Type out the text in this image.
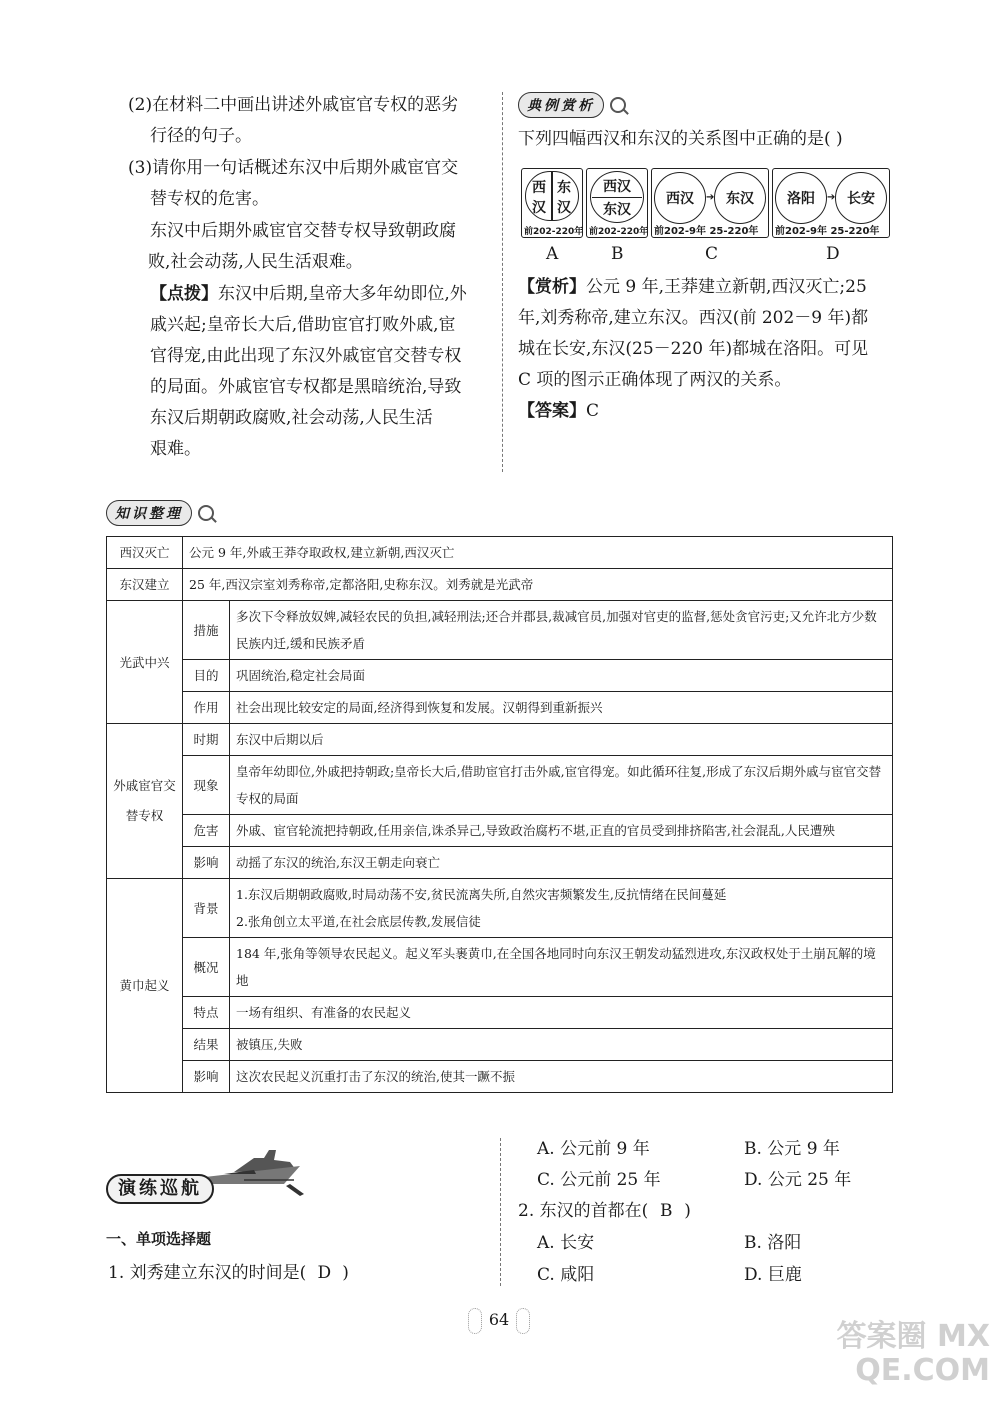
(2)在材料二中画出讲述外戚宦官专权的恶劣
行径的句子。
(3)请你用一句话概述东汉中后期外戚宦官交
替专权的危害。
东汉中后期外戚宦官交替专权导致朝政腐
败,社会动荡,人民生活艰难。
【点拨】东汉中后期,皇帝大多年幼即位,外
戚兴起;皇帝长大后,借助宦官打败外戚,宦
官得宠,由此出现了东汉外戚宦官交替专权
的局面。外戚宦官专权都是黑暗统治,导致
东汉后期朝政腐败,社会动荡,人民生活
艰难。
典例赏析
下列四幅西汉和东汉的关系图中正确的是( )
西
汉
东
汉
前202-220年
西汉
东汉
前202-220年
西汉	➔ 东汉
前202-9年 25-220年
洛阳	➔ 长安
前202-9年 25-220年
A	B	C	D
【赏析】公元 9 年,王莽建立新朝,西汉灭亡;25
年,刘秀称帝,建立东汉。西汉(前 202－9 年)都
城在长安,东汉(25－220 年)都城在洛阳。可见
C 项的图示正确体现了两汉的关系。
【答案】C
知识整理
西汉灭亡	公元 9 年,外戚王莽夺取政权,建立新朝,西汉灭亡	
东汉建立	25 年,西汉宗室刘秀称帝,定都洛阳,史称东汉。刘秀就是光武帝	
光武中兴	措施	多次下令释放奴婢,减轻农民的负担,减轻刑法;还合并郡县,裁减官员,加强对官吏的监督,惩处贪官污吏;又允许北方少数民族内迁,缓和民族矛盾
	目的	巩固统治,稳定社会局面
	作用	社会出现比较安定的局面,经济得到恢复和发展。汉朝得到重新振兴
外戚宦官交替专权	时期	东汉中后期以后
	现象	皇帝年幼即位,外戚把持朝政;皇帝长大后,借助宦官打击外戚,宦官得宠。如此循环往复,形成了东汉后期外戚与宦官交替专权的局面
	危害	外戚、宦官轮流把持朝政,任用亲信,诛杀异己,导致政治腐朽不堪,正直的官员受到排挤陷害,社会混乱,人民遭殃
	影响	动摇了东汉的统治,东汉王朝走向衰亡
黄巾起义	背景	1.东汉后期朝政腐败,时局动荡不安,贫民流离失所,自然灾害频繁发生,反抗情绪在民间蔓延
2.张角创立太平道,在社会底层传教,发展信徒

	概况	184 年,张角等领导农民起义。起义军头裹黄巾,在全国各地同时向东汉王朝发动猛烈进攻,东汉政权处于土崩瓦解的境地
	特点	一场有组织、有准备的农民起义
	结果	被镇压,失败
	影响	这次农民起义沉重打击了东汉的统治,使其一蹶不振
演练巡航
一、单项选择题
1. 刘秀建立东汉的时间是( D )
A. 公元前 9 年	B. 公元 9 年
C. 公元前 25 年	D. 公元 25 年
2. 东汉的首都在( B )
A. 长安	B. 洛阳
C. 咸阳	D. 巨鹿
64	答案圈 MXQE.COM
